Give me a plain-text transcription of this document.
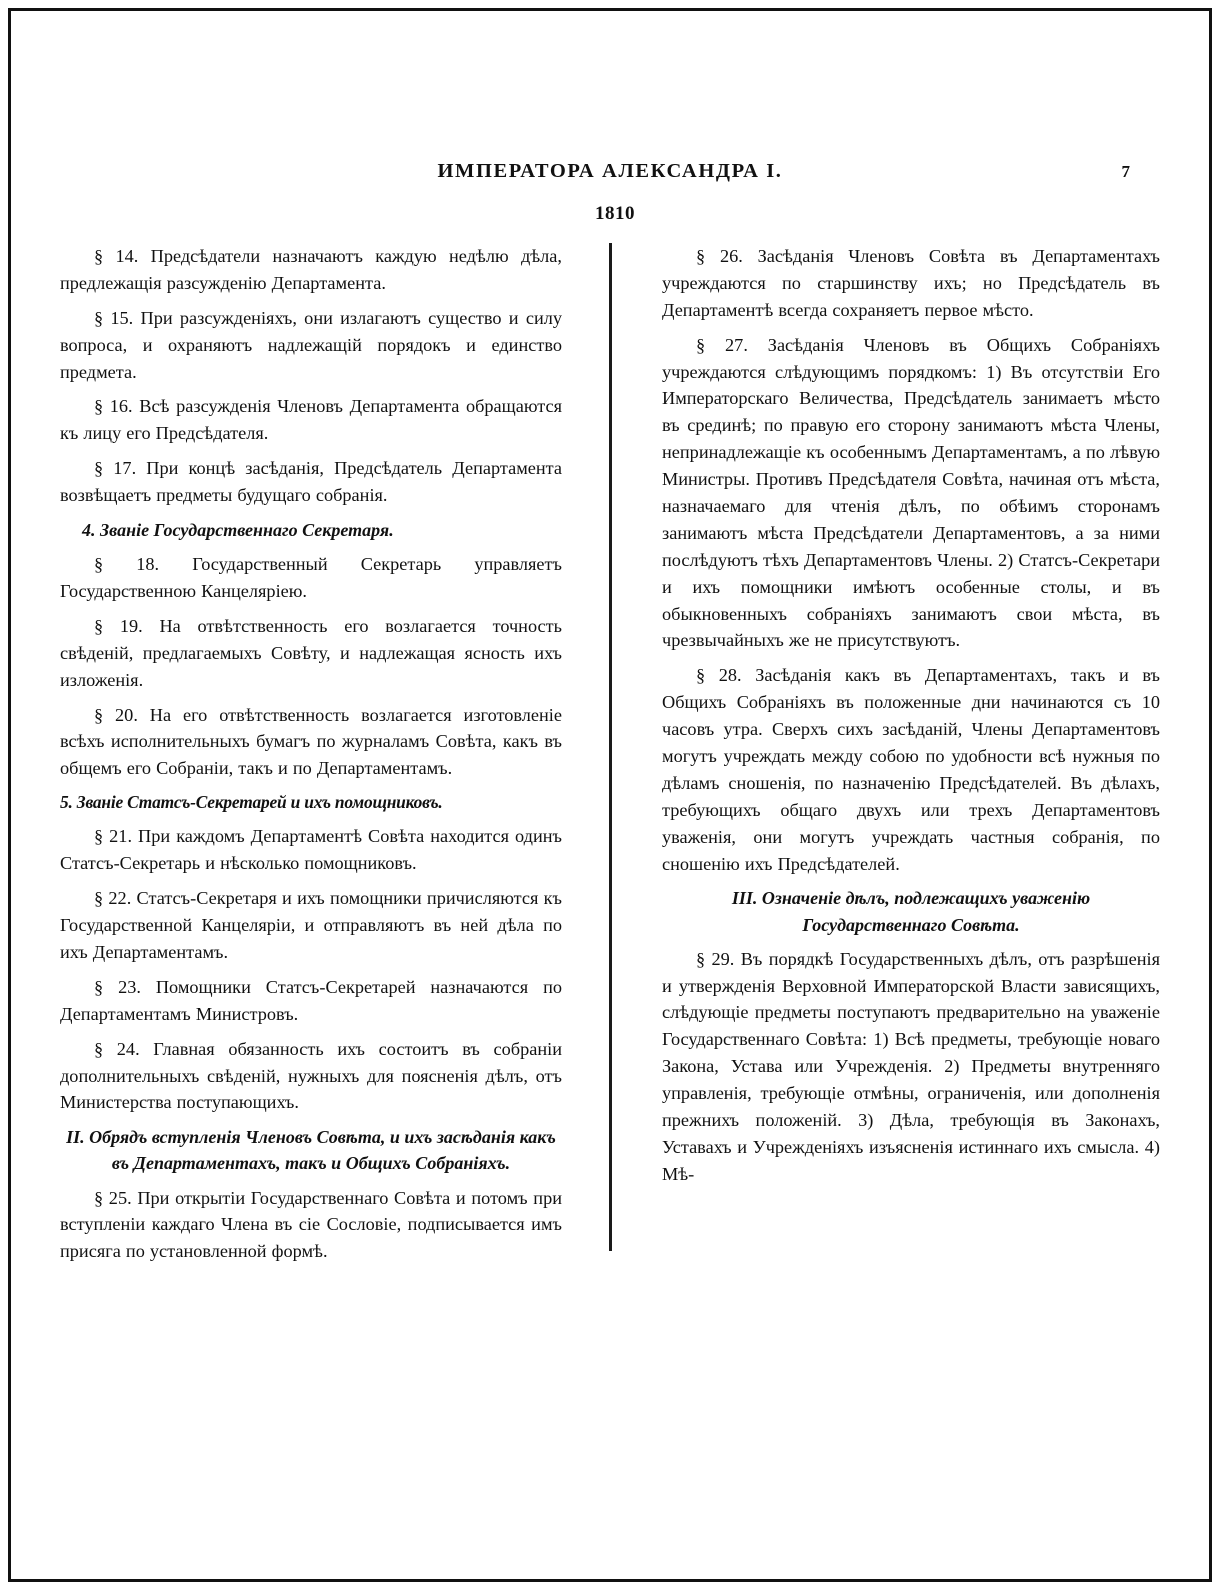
ИМПЕРАТОРА АЛЕКСАНДРА I.	7
1810

§ 14. Предсѣдатели назначаютъ каждую недѣлю дѣла, предлежащія разсужденію Департамента.

§ 15. При разсужденіяхъ, они излагаютъ существо и силу вопроса, и охраняютъ надлежащій порядокъ и единство предмета.

§ 16. Всѣ разсужденія Членовъ Департамента обращаются къ лицу его Предсѣдателя.

§ 17. При концѣ засѣданія, Предсѣдатель Департамента возвѣщаетъ предметы будущаго собранія.

4. Званіе Государственнаго Секретаря.

§ 18. Государственный Секретарь управляетъ Государственною Канцеляріею.

§ 19. На отвѣтственность его возлагается точность свѣденій, предлагаемыхъ Совѣту, и надлежащая ясность ихъ изложенія.

§ 20. На его отвѣтственность возлагается изготовленіе всѣхъ исполнительныхъ бумагъ по журналамъ Совѣта, какъ въ общемъ его Собраніи, такъ и по Департаментамъ.

5. Званіе Статсъ-Секретарей и ихъ помощниковъ.

§ 21. При каждомъ Департаментѣ Совѣта находится одинъ Статсъ-Секретарь и нѣсколько помощниковъ.

§ 22. Статсъ-Секретаря и ихъ помощники причисляются къ Государственной Канцеляріи, и отправляютъ въ ней дѣла по ихъ Департаментамъ.

§ 23. Помощники Статсъ-Секретарей назначаются по Департаментамъ Министровъ.

§ 24. Главная обязанность ихъ состоитъ въ собраніи дополнительныхъ свѣденій, нужныхъ для поясненія дѣлъ, отъ Министерства поступающихъ.

II. Обрядъ вступленія Членовъ Совѣта, и ихъ засѣданія какъ въ Департаментахъ, такъ и Общихъ Собраніяхъ.

§ 25. При открытіи Государственнаго Совѣта и потомъ при вступленіи каждаго Члена въ сіе Сословіе, подписывается имъ присяга по установленной формѣ.

§ 26. Засѣданія Членовъ Совѣта въ Департаментахъ учреждаются по старшинству ихъ; но Предсѣдатель въ Департаментѣ всегда сохраняетъ первое мѣсто.

§ 27. Засѣданія Членовъ въ Общихъ Собраніяхъ учреждаются слѣдующимъ порядкомъ: 1) Въ отсутствіи Его Императорскаго Величества, Предсѣдатель занимаетъ мѣсто въ срединѣ; по правую его сторону занимаютъ мѣста Члены, непринадлежащіе къ особеннымъ Департаментамъ, а по лѣвую Министры. Противъ Предсѣдателя Совѣта, начиная отъ мѣста, назначаемаго для чтенія дѣлъ, по обѣимъ сторонамъ занимаютъ мѣста Предсѣдатели Департаментовъ, а за ними послѣдуютъ тѣхъ Департаментовъ Члены. 2) Статсъ-Секретари и ихъ помощники имѣютъ особенные столы, и въ обыкновенныхъ собраніяхъ занимаютъ свои мѣста, въ чрезвычайныхъ же не присутствуютъ.

§ 28. Засѣданія какъ въ Департаментахъ, такъ и въ Общихъ Собраніяхъ въ положенные дни начинаются съ 10 часовъ утра. Сверхъ сихъ засѣданій, Члены Департаментовъ могутъ учреждать между собою по удобности всѣ нужныя по дѣламъ сношенія, по назначенію Предсѣдателей. Въ дѣлахъ, требующихъ общаго двухъ или трехъ Департаментовъ уваженія, они могутъ учреждать частныя собранія, по сношенію ихъ Предсѣдателей.

III. Означеніе дѣлъ, подлежащихъ уваженію Государственнаго Совѣта.

§ 29. Въ порядкѣ Государственныхъ дѣлъ, отъ разрѣшенія и утвержденія Верховной Императорской Власти зависящихъ, слѣдующіе предметы поступаютъ предварительно на уваженіе Государственнаго Совѣта: 1) Всѣ предметы, требующіе новаго Закона, Устава или Учрежденія. 2) Предметы внутренняго управленія, требующіе отмѣны, ограниченія, или дополненія прежнихъ положеній. 3) Дѣла, требующія въ Законахъ, Уставахъ и Учрежденіяхъ изъясненія истиннаго ихъ смысла. 4) Мѣ-
